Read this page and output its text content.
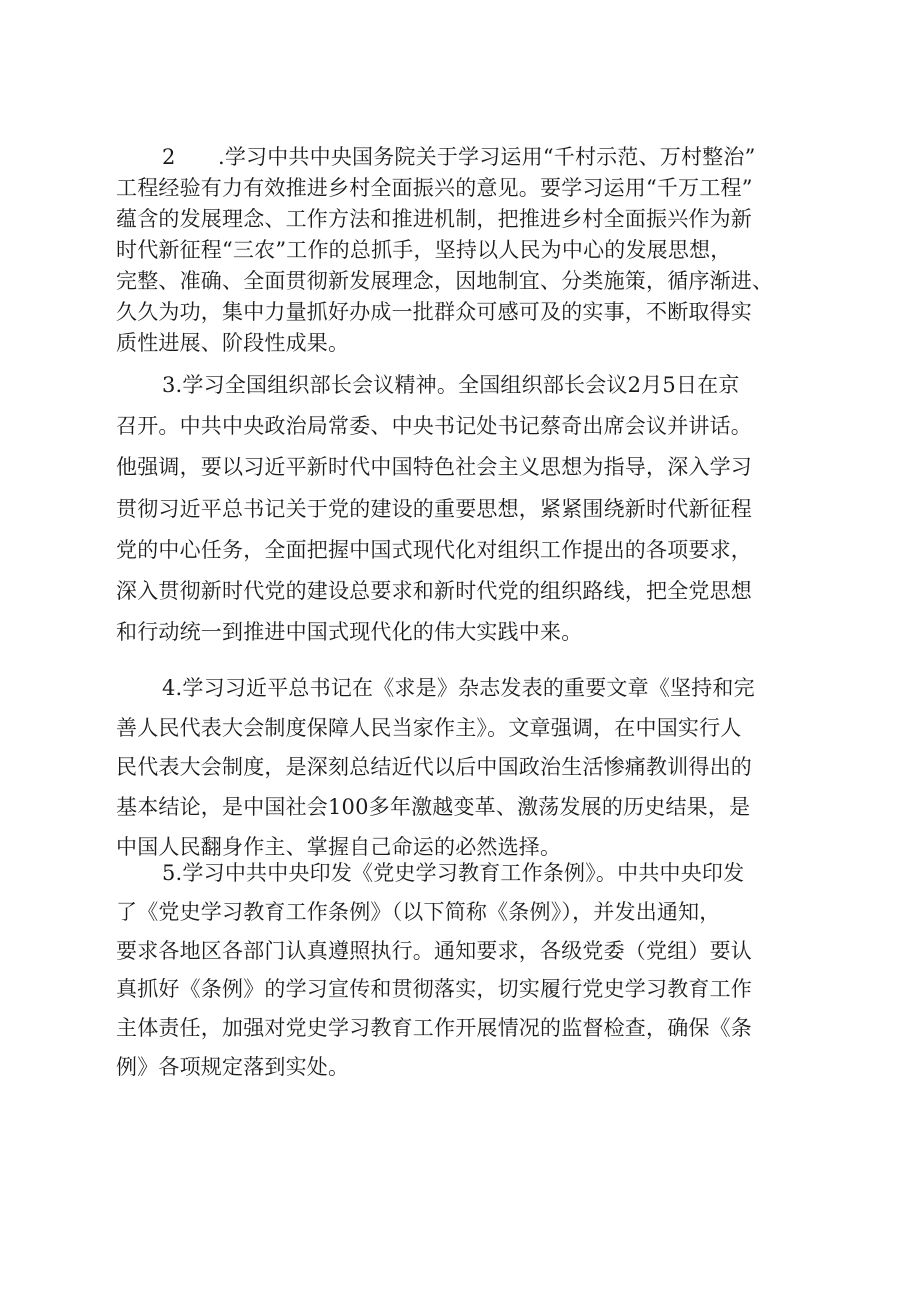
2　　.学习中共中央国务院关于学习运用“千村示范、万村整治”
工程经验有力有效推进乡村全面振兴的意见。要学习运用“千万工程”
蕴含的发展理念、工作方法和推进机制，把推进乡村全面振兴作为新
时代新征程“三农”工作的总抓手，坚持以人民为中心的发展思想，
完整、准确、全面贯彻新发展理念，因地制宜、分类施策，循序渐进、
久久为功，集中力量抓好办成一批群众可感可及的实事，不断取得实
质性进展、阶段性成果。

3.学习全国组织部长会议精神。全国组织部长会议2月5日在京
召开。中共中央政治局常委、中央书记处书记蔡奇出席会议并讲话。
他强调，要以习近平新时代中国特色社会主义思想为指导，深入学习
贯彻习近平总书记关于党的建设的重要思想，紧紧围绕新时代新征程
党的中心任务，全面把握中国式现代化对组织工作提出的各项要求，
深入贯彻新时代党的建设总要求和新时代党的组织路线，把全党思想
和行动统一到推进中国式现代化的伟大实践中来。

4.学习习近平总书记在《求是》杂志发表的重要文章《坚持和完
善人民代表大会制度保障人民当家作主》。文章强调，在中国实行人
民代表大会制度，是深刻总结近代以后中国政治生活惨痛教训得出的
基本结论，是中国社会100多年激越变革、激荡发展的历史结果，是
中国人民翻身作主、掌握自己命运的必然选择。

5.学习中共中央印发《党史学习教育工作条例》。中共中央印发
了《党史学习教育工作条例》（以下简称《条例》），并发出通知，
要求各地区各部门认真遵照执行。通知要求，各级党委（党组）要认
真抓好《条例》的学习宣传和贯彻落实，切实履行党史学习教育工作
主体责任，加强对党史学习教育工作开展情况的监督检查，确保《条
例》各项规定落到实处。
